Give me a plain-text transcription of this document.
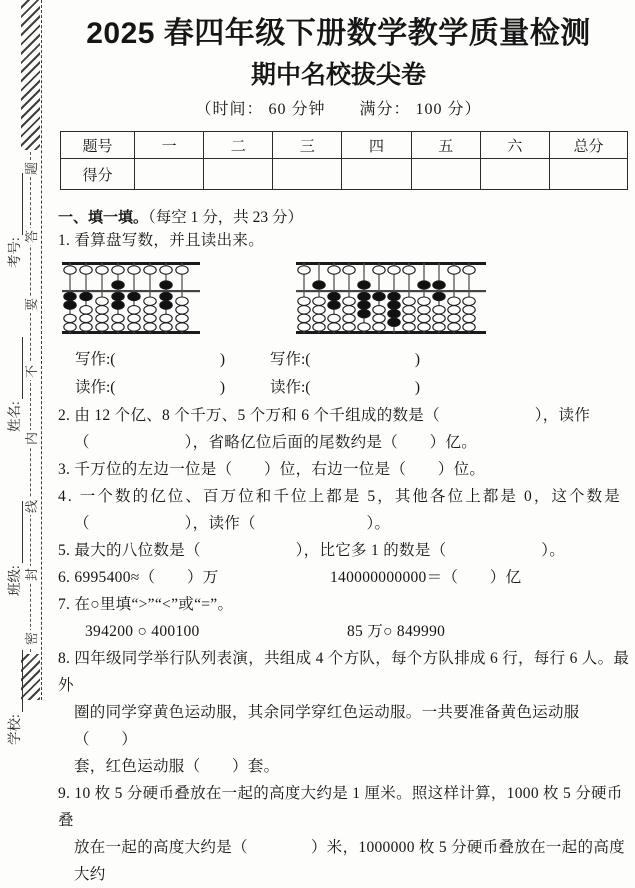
题
答
要
不
内
线
封
密
考号:
姓名:
班级:
学校:
2025 春四年级下册数学教学质量检测
期中名校拔尖卷
（时间： 60 分钟　　满分： 100 分）
题号	一	二	三	四	五	六	总分
得分							
一、填一填。（每空 1 分，共 23 分）
1. 看算盘写数，并且读出来。
写作:(	)	写作:(	)
读作:(	)	读作:(	)
2. 由 12 个亿、8 个千万、5 个万和 6 个千组成的数是（　　　　　　），读作
（　　　　　　），省略亿位后面的尾数约是（　　）亿。
3. 千万位的左边一位是（　　）位，右边一位是（　　）位。
4. 一个数的亿位、百万位和千位上都是 5，其他各位上都是 0，这个数是
（　　　　　　），读作（　　　　　　　）。
5. 最大的八位数是（　　　　　　），比它多 1 的数是（　　　　　　）。
6. 6995400≈（　　）万	140000000000＝（　　）亿
7. 在○里填“>”“<”或“=”。
394200 ○ 400100	85 万○ 849990
8. 四年级同学举行队列表演，共组成 4 个方队，每个方队排成 6 行，每行 6 人。最外
圈的同学穿黄色运动服，其余同学穿红色运动服。一共要准备黄色运动服（　　）
套，红色运动服（　　）套。
9. 10 枚 5 分硬币叠放在一起的高度大约是 1 厘米。照这样计算，1000 枚 5 分硬币叠
放在一起的高度大约是（　　　　）米，1000000 枚 5 分硬币叠放在一起的高度大约
